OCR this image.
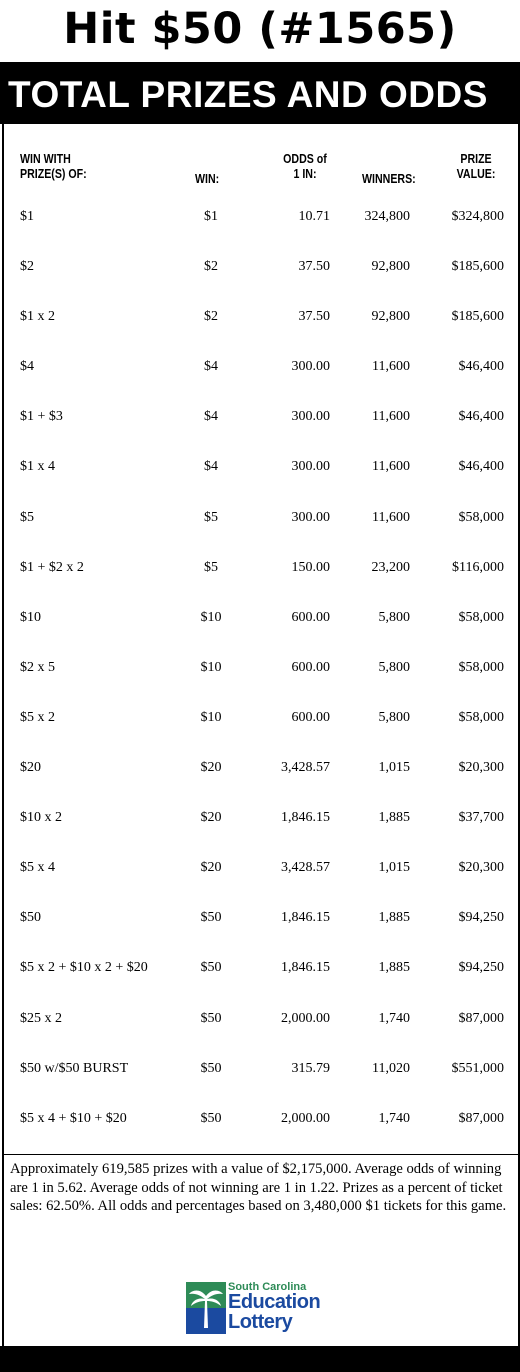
Hit $50 (#1565)
TOTAL PRIZES AND ODDS
WIN WITH
PRIZE(S) OF:	WIN:
ODDS of
1 IN:	WINNERS:
PRIZE
VALUE:
$1	$1	10.71	324,800	$324,800
$2	$2	37.50	92,800	$185,600
$1 x 2	$2	37.50	92,800	$185,600
$4	$4	300.00	11,600	$46,400
$1 + $3	$4	300.00	11,600	$46,400
$1 x 4	$4	300.00	11,600	$46,400
$5	$5	300.00	11,600	$58,000
$1 + $2 x 2	$5	150.00	23,200	$116,000
$10	$10	600.00	5,800	$58,000
$2 x 5	$10	600.00	5,800	$58,000
$5 x 2	$10	600.00	5,800	$58,000
$20	$20	3,428.57	1,015	$20,300
$10 x 2	$20	1,846.15	1,885	$37,700
$5 x 4	$20	3,428.57	1,015	$20,300
$50	$50	1,846.15	1,885	$94,250
$5 x 2 + $10 x 2 + $20	$50	1,846.15	1,885	$94,250
$25 x 2	$50	2,000.00	1,740	$87,000
$50 w/$50 BURST	$50	315.79	11,020	$551,000
$5 x 4 + $10 + $20	$50	2,000.00	1,740	$87,000
Approximately 619,585 prizes with a value of $2,175,000. Average odds of winning are 1 in 5.62. Average odds of not winning are 1 in 1.22. Prizes as a percent of ticket sales: 62.50%. All odds and percentages based on 3,480,000 $1 tickets for this game.
South Carolina
Education
Lottery
